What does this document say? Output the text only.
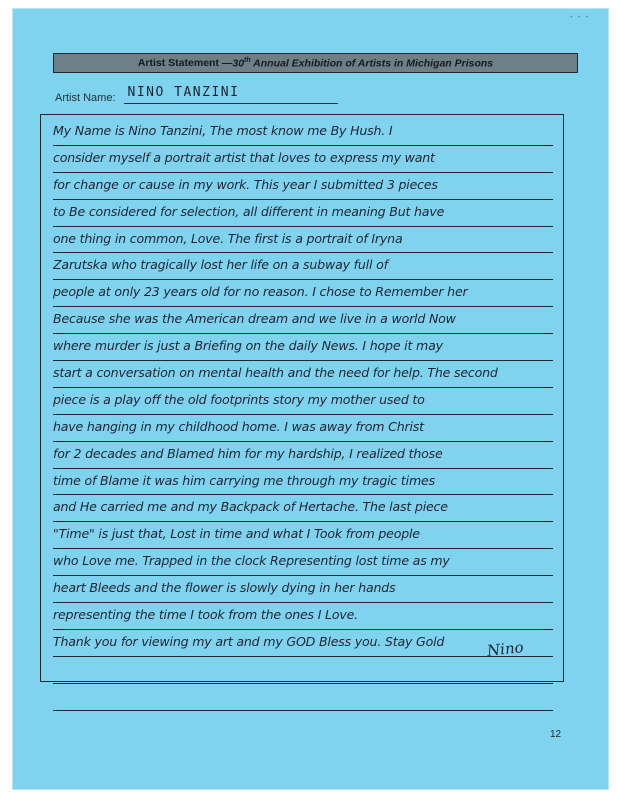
• • •
Artist Statement — 30th Annual Exhibition of Artists in Michigan Prisons
Artist Name: NINO TANZINI
My Name is Nino Tanzini, The most know me By Hush. I
consider myself a portrait artist that loves to express my want
for change or cause in my work. This year I submitted 3 pieces
to Be considered for selection, all different in meaning But have
one thing in common, Love. The first is a portrait of Iryna
Zarutska who tragically lost her life on a subway full of
people at only 23 years old for no reason. I chose to Remember her
Because she was the American dream and we live in a world Now
where murder is just a Briefing on the daily News. I hope it may
start a conversation on mental health and the need for help. The second
piece is a play off the old footprints story my mother used to
have hanging in my childhood home. I was away from Christ
for 2 decades and Blamed him for my hardship, I realized those
time of Blame it was him carrying me through my tragic times
and He carried me and my Backpack of Hertache. The last piece
"Time" is just that, Lost in time and what I Took from people
who Love me. Trapped in the clock Representing lost time as my
heart Bleeds and the flower is slowly dying in her hands
representing the time I took from the ones I Love.
Thank you for viewing my art and my GOD Bless you. Stay Gold	Nino
12
